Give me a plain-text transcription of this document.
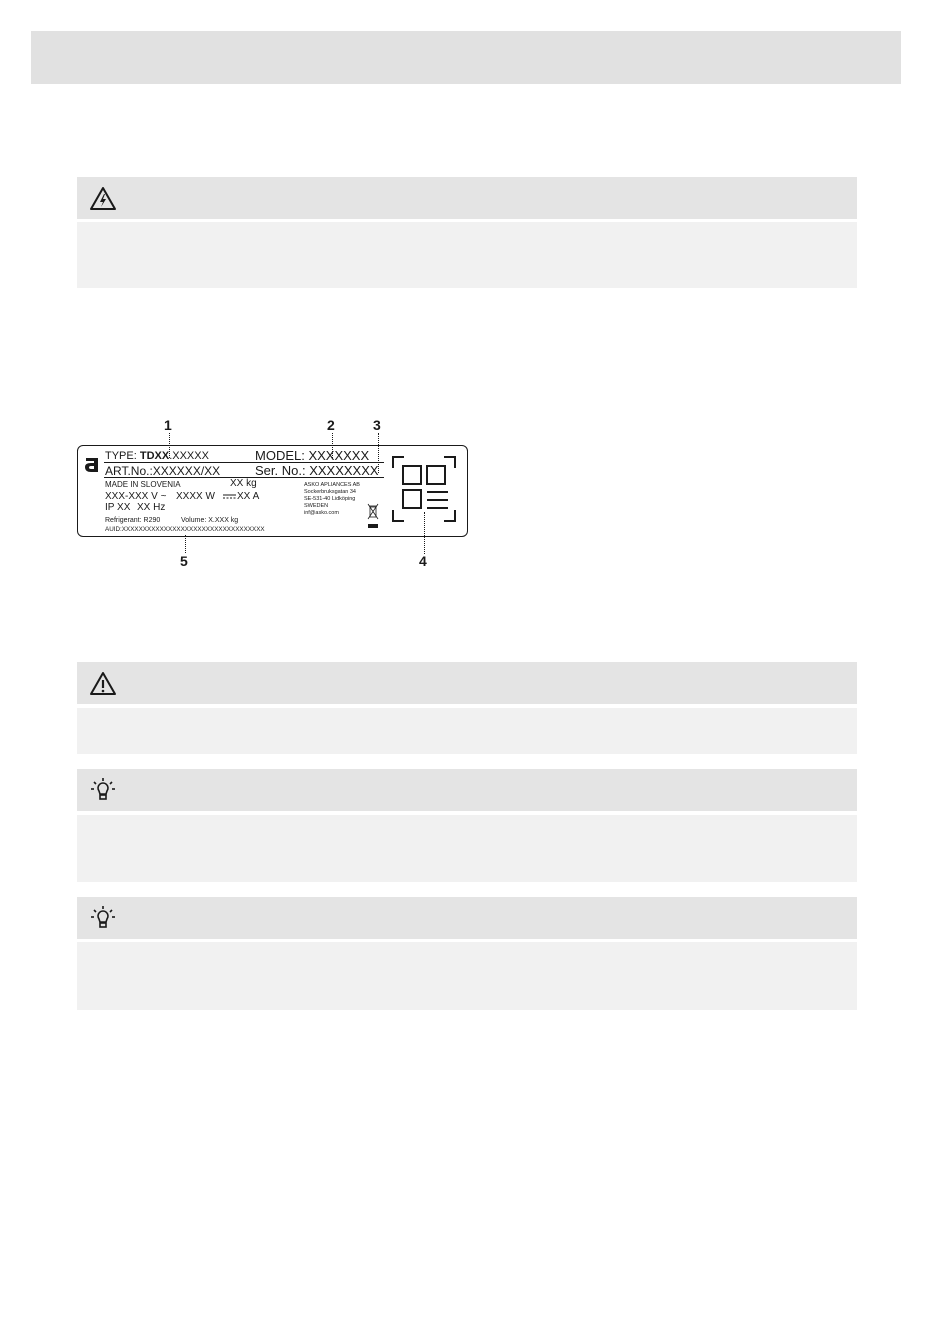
1	2	3
4
5
TYPE: TDXX.XXXXX	MODEL: XXXXXXX
ART.No.:XXXXXX/XX	Ser. No.: XXXXXXXX
MADE IN SLOVENIA	XX kg
XXX-XXX V ~ XXXX W XX A
IP XX XX Hz
Refrigerant: R290	Volume: X.XXX kg
AUID:XXXXXXXXXXXXXXXXXXXXXXXXXXXXXXXXXX
ASKO APLIANCES AB
Sockerbruksgatan 34
SE-531-40 Lidköping
SWEDEN
inf@asko.com
